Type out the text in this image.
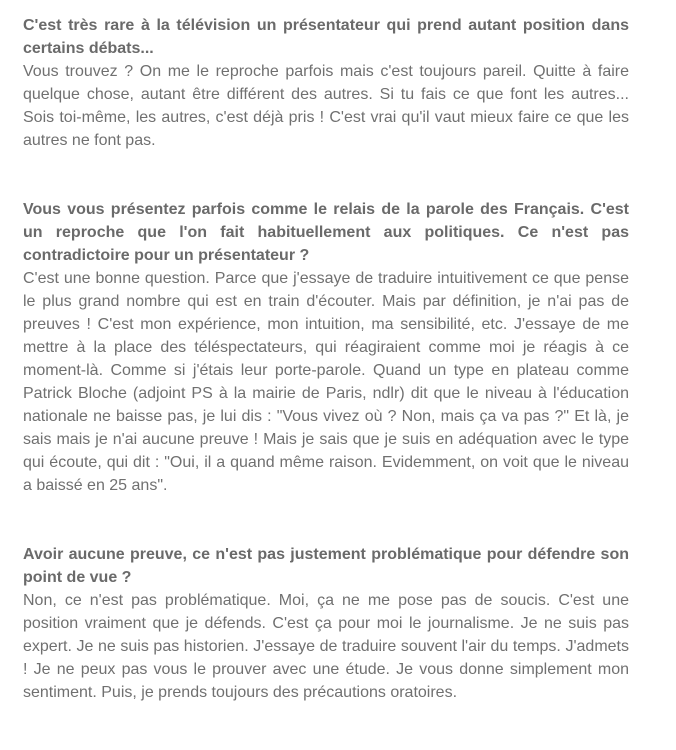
C'est très rare à la télévision un présentateur qui prend autant position dans certains débats...

Vous trouvez ? On me le reproche parfois mais c'est toujours pareil. Quitte à faire quelque chose, autant être différent des autres. Si tu fais ce que font les autres... Sois toi-même, les autres, c'est déjà pris ! C'est vrai qu'il vaut mieux faire ce que les autres ne font pas.

Vous vous présentez parfois comme le relais de la parole des Français. C'est un reproche que l'on fait habituellement aux politiques. Ce n'est pas contradictoire pour un présentateur ?

C'est une bonne question. Parce que j'essaye de traduire intuitivement ce que pense le plus grand nombre qui est en train d'écouter. Mais par définition, je n'ai pas de preuves ! C'est mon expérience, mon intuition, ma sensibilité, etc. J'essaye de me mettre à la place des téléspectateurs, qui réagiraient comme moi je réagis à ce moment-là. Comme si j'étais leur porte-parole. Quand un type en plateau comme Patrick Bloche (adjoint PS à la mairie de Paris, ndlr) dit que le niveau à l'éducation nationale ne baisse pas, je lui dis : "Vous vivez où ? Non, mais ça va pas ?" Et là, je sais mais je n'ai aucune preuve ! Mais je sais que je suis en adéquation avec le type qui écoute, qui dit : "Oui, il a quand même raison. Evidemment, on voit que le niveau a baissé en 25 ans".

Avoir aucune preuve, ce n'est pas justement problématique pour défendre son point de vue ?

Non, ce n'est pas problématique. Moi, ça ne me pose pas de soucis. C'est une position vraiment que je défends. C'est ça pour moi le journalisme. Je ne suis pas expert. Je ne suis pas historien. J'essaye de traduire souvent l'air du temps. J'admets ! Je ne peux pas vous le prouver avec une étude. Je vous donne simplement mon sentiment. Puis, je prends toujours des précautions oratoires.
